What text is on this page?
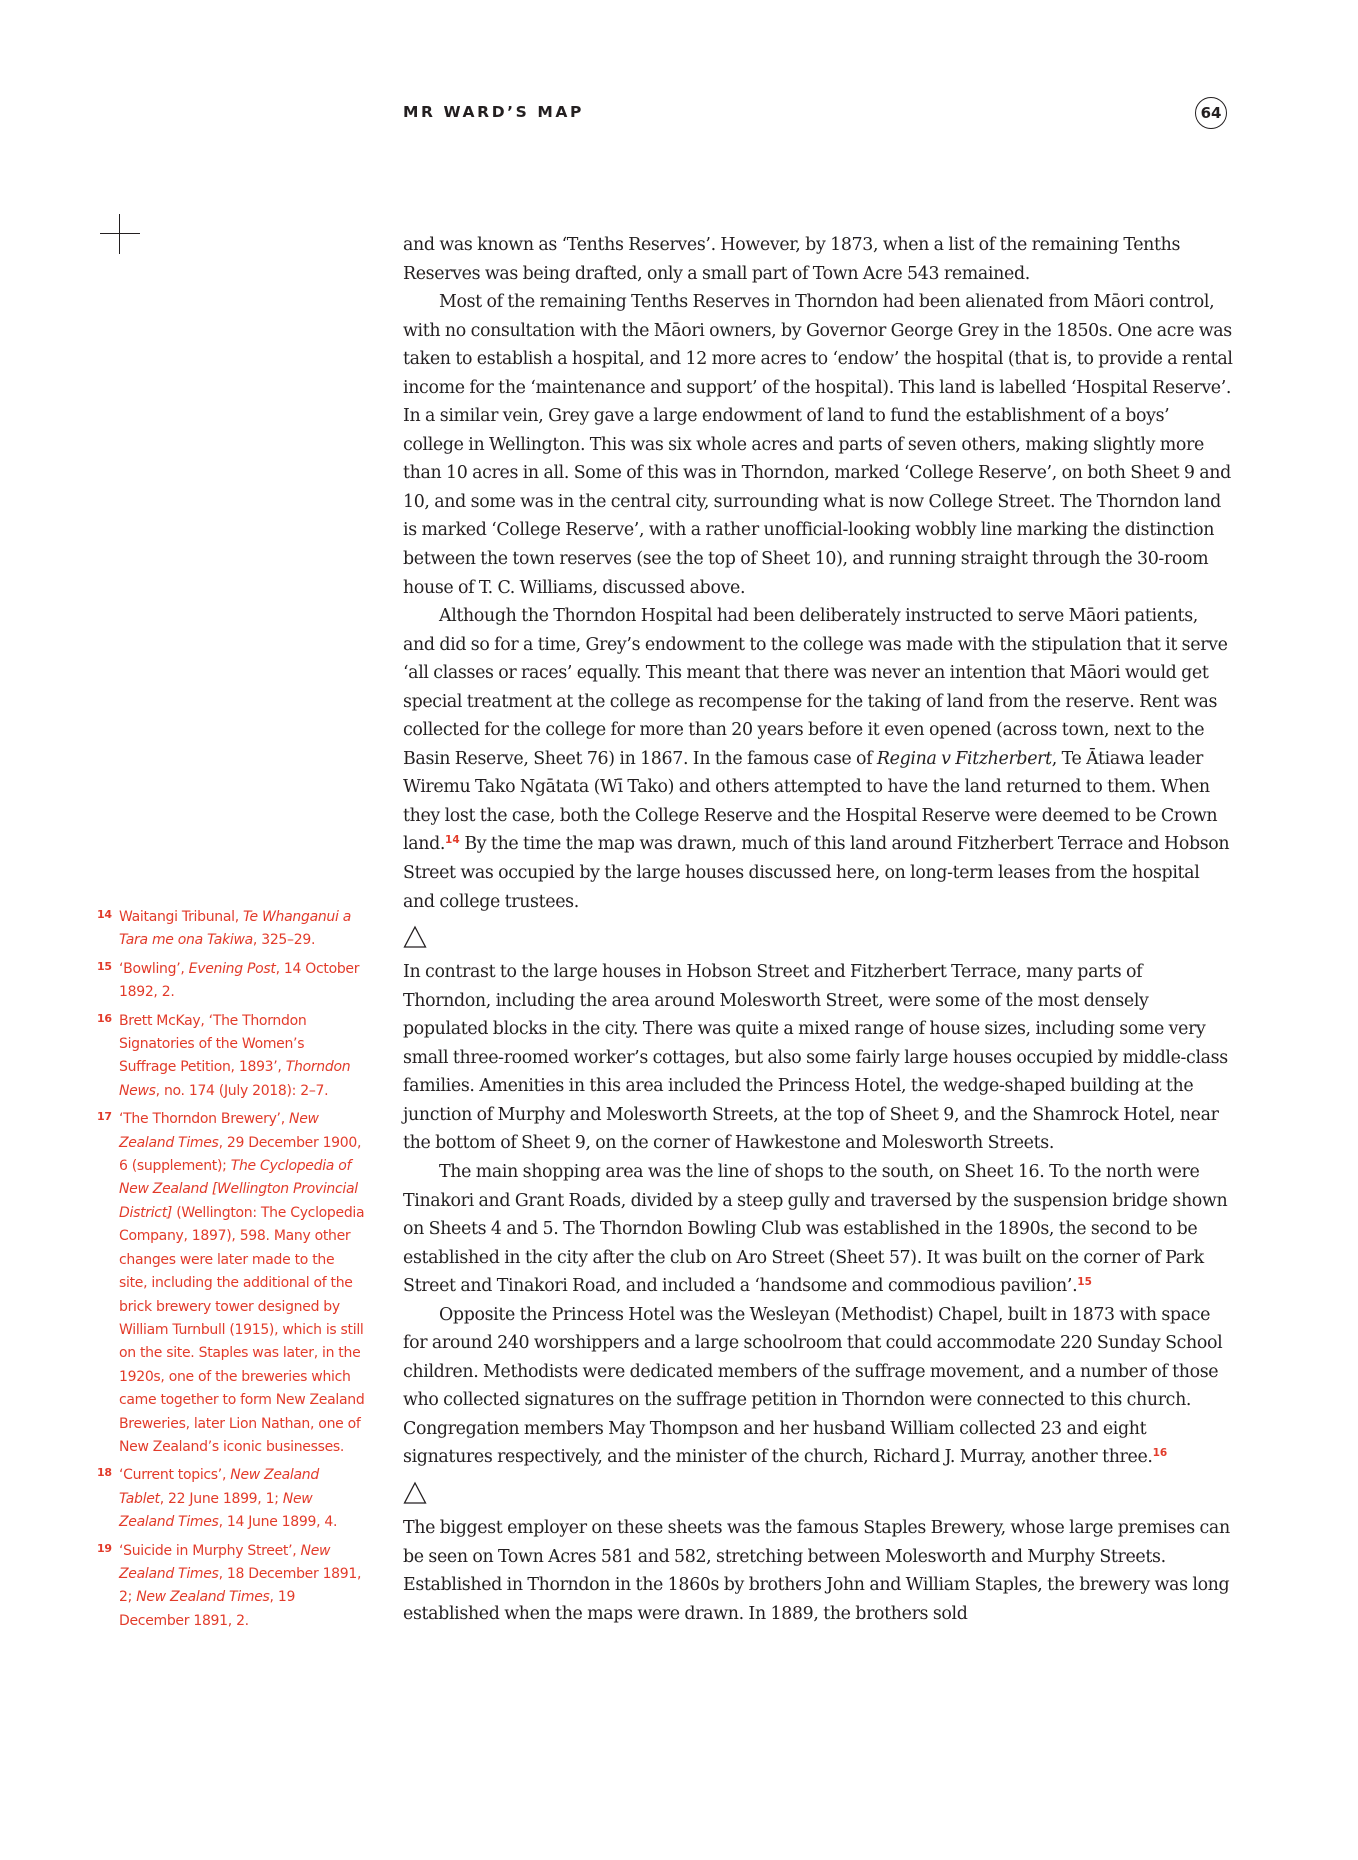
MR WARD’S MAP	64

and was known as ‘Tenths Reserves’. However, by 1873, when a list of the remaining Tenths Reserves was being drafted, only a small part of Town Acre 543 remained.

Most of the remaining Tenths Reserves in Thorndon had been alienated from Māori control, with no consultation with the Māori owners, by Governor George Grey in the 1850s. One acre was taken to establish a hospital, and 12 more acres to ‘endow’ the hospital (that is, to provide a rental income for the ‘maintenance and support’ of the hospital). This land is labelled ‘Hospital Reserve’. In a similar vein, Grey gave a large endowment of land to fund the establishment of a boys’ college in Wellington. This was six whole acres and parts of seven others, making slightly more than 10 acres in all. Some of this was in Thorndon, marked ‘College Reserve’, on both Sheet 9 and 10, and some was in the central city, surrounding what is now College Street. The Thorndon land is marked ‘College Reserve’, with a rather unofficial-looking wobbly line marking the distinction between the town reserves (see the top of Sheet 10), and running straight through the 30-room house of T. C. Williams, discussed above.

Although the Thorndon Hospital had been deliberately instructed to serve Māori patients, and did so for a time, Grey’s endowment to the college was made with the stipulation that it serve ‘all classes or races’ equally. This meant that there was never an intention that Māori would get special treatment at the college as recompense for the taking of land from the reserve. Rent was collected for the college for more than 20 years before it even opened (across town, next to the Basin Reserve, Sheet 76) in 1867. In the famous case of Regina v Fitzherbert, Te Ātiawa leader Wiremu Tako Ngātata (Wī Tako) and others attempted to have the land returned to them. When they lost the case, both the College Reserve and the Hospital Reserve were deemed to be Crown land.$^{14}$ By the time the map was drawn, much of this land around Fitzherbert Terrace and Hobson Street was occupied by the large houses discussed here, on long-term leases from the hospital and college trustees.

In contrast to the large houses in Hobson Street and Fitzherbert Terrace, many parts of Thorndon, including the area around Molesworth Street, were some of the most densely populated blocks in the city. There was quite a mixed range of house sizes, including some very small three-roomed worker’s cottages, but also some fairly large houses occupied by middle-class families. Amenities in this area included the Princess Hotel, the wedge-shaped building at the junction of Murphy and Molesworth Streets, at the top of Sheet 9, and the Shamrock Hotel, near the bottom of Sheet 9, on the corner of Hawkestone and Molesworth Streets.

The main shopping area was the line of shops to the south, on Sheet 16. To the north were Tinakori and Grant Roads, divided by a steep gully and traversed by the suspension bridge shown on Sheets 4 and 5. The Thorndon Bowling Club was established in the 1890s, the second to be established in the city after the club on Aro Street (Sheet 57). It was built on the corner of Park Street and Tinakori Road, and included a ‘handsome and commodious pavilion’.$^{15}$

Opposite the Princess Hotel was the Wesleyan (Methodist) Chapel, built in 1873 with space for around 240 worshippers and a large schoolroom that could accommodate 220 Sunday School children. Methodists were dedicated members of the suffrage movement, and a number of those who collected signatures on the suffrage petition in Thorndon were connected to this church. Congregation members May Thompson and her husband William collected 23 and eight signatures respectively, and the minister of the church, Richard J. Murray, another three.$^{16}$

The biggest employer on these sheets was the famous Staples Brewery, whose large premises can be seen on Town Acres 581 and 582, stretching between Molesworth and Murphy Streets. Established in Thorndon in the 1860s by brothers John and William Staples, the brewery was long established when the maps were drawn. In 1889, the brothers sold

14 Waitangi Tribunal, Te Whanganui a Tara me ona Takiwa, 325–29.
15 ‘Bowling’, Evening Post, 14 October 1892, 2.
16 Brett McKay, ‘The Thorndon Signatories of the Women’s Suffrage Petition, 1893’, Thorndon News, no. 174 (July 2018): 2–7.
17 ‘The Thorndon Brewery’, New Zealand Times, 29 December 1900, 6 (supplement); The Cyclopedia of New Zealand [Wellington Provincial District] (Wellington: The Cyclopedia Company, 1897), 598. Many other changes were later made to the site, including the additional of the brick brewery tower designed by William Turnbull (1915), which is still on the site. Staples was later, in the 1920s, one of the breweries which came together to form New Zealand Breweries, later Lion Nathan, one of New Zealand’s iconic businesses.
18 ‘Current topics’, New Zealand Tablet, 22 June 1899, 1; New Zealand Times, 14 June 1899, 4.
19 ‘Suicide in Murphy Street’, New Zealand Times, 18 December 1891, 2; New Zealand Times, 19 December 1891, 2.
